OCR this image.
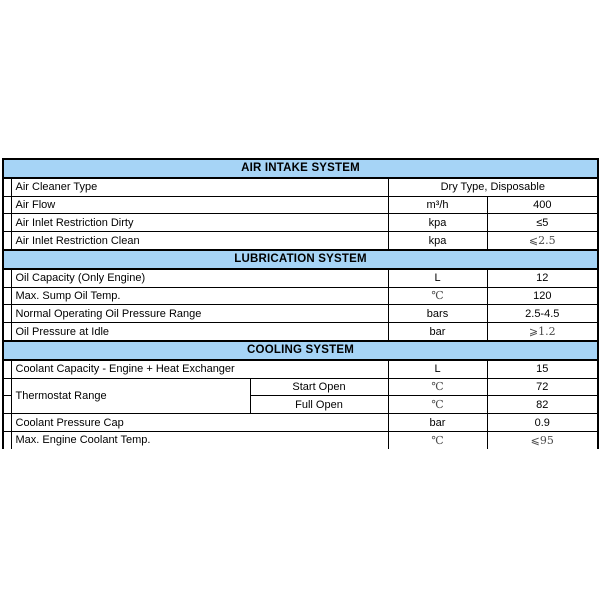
AIR INTAKE SYSTEM				
	Air Cleaner Type		Dry Type, Disposable	
	Air Flow		m³/h	400
	Air Inlet Restriction Dirty		kpa	≤5
	Air Inlet Restriction Clean		kpa	⩽2.5
LUBRICATION SYSTEM				
	Oil Capacity (Only Engine)		L	12
	Max. Sump Oil Temp.		℃	120
	Normal Operating Oil Pressure Range		bars	2.5-4.5
	Oil Pressure at Idle		bar	⩾1.2
COOLING SYSTEM				
	Coolant Capacity - Engine + Heat Exchanger		L	15
	Thermostat Range	Start Open	℃	72
		Full Open	℃	82
	Coolant Pressure Cap		bar	0.9
	Max. Engine Coolant Temp.		℃	⩽95
